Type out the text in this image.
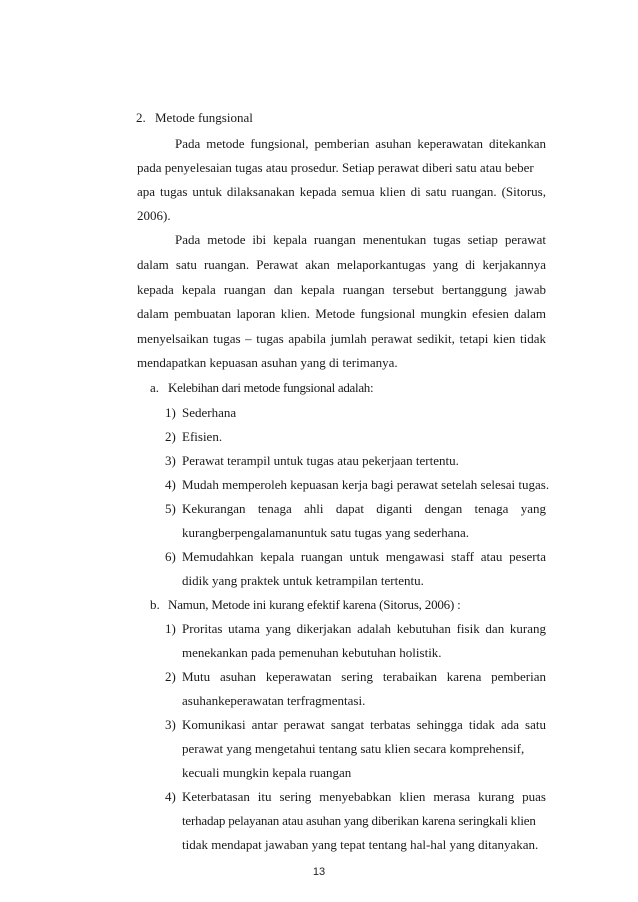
2. Metode fungsional

Pada metode fungsional, pemberian asuhan keperawatan ditekankan

pada penyelesaian tugas atau prosedur. Setiap perawat diberi satu atau beber

apa tugas untuk dilaksanakan kepada semua klien di satu ruangan. (Sitorus,

2006).

Pada metode ibi kepala ruangan menentukan tugas setiap perawat

dalam satu ruangan. Perawat akan melaporkantugas yang di kerjakannya

kepada kepala ruangan dan kepala ruangan tersebut bertanggung jawab

dalam pembuatan laporan klien. Metode fungsional mungkin efesien dalam

menyelsaikan tugas – tugas apabila jumlah perawat sedikit, tetapi kien tidak

mendapatkan kepuasan asuhan yang di terimanya.

a. Kelebihan dari metode fungsional adalah:
1) Sederhana
2) Efisien.
3) Perawat terampil untuk tugas atau pekerjaan tertentu.
4) Mudah memperoleh kepuasan kerja bagi perawat setelah selesai tugas.
5) Kekurangan tenaga ahli dapat diganti dengan tenaga yang

kurangberpengalamanuntuk satu tugas yang sederhana.

6) Memudahkan kepala ruangan untuk mengawasi staff atau peserta

didik yang praktek untuk ketrampilan tertentu.

b. Namun, Metode ini kurang efektif karena (Sitorus, 2006) :
1) Proritas utama yang dikerjakan adalah kebutuhan fisik dan kurang

menekankan pada pemenuhan kebutuhan holistik.

2) Mutu asuhan keperawatan sering terabaikan karena pemberian

asuhankeperawatan terfragmentasi.

3) Komunikasi antar perawat sangat terbatas sehingga tidak ada satu

perawat yang mengetahui tentang satu klien secara komprehensif,

kecuali mungkin kepala ruangan

4) Keterbatasan itu sering menyebabkan klien merasa kurang puas

terhadap pelayanan atau asuhan yang diberikan karena seringkali klien

tidak mendapat jawaban yang tepat tentang hal-hal yang ditanyakan.

13
